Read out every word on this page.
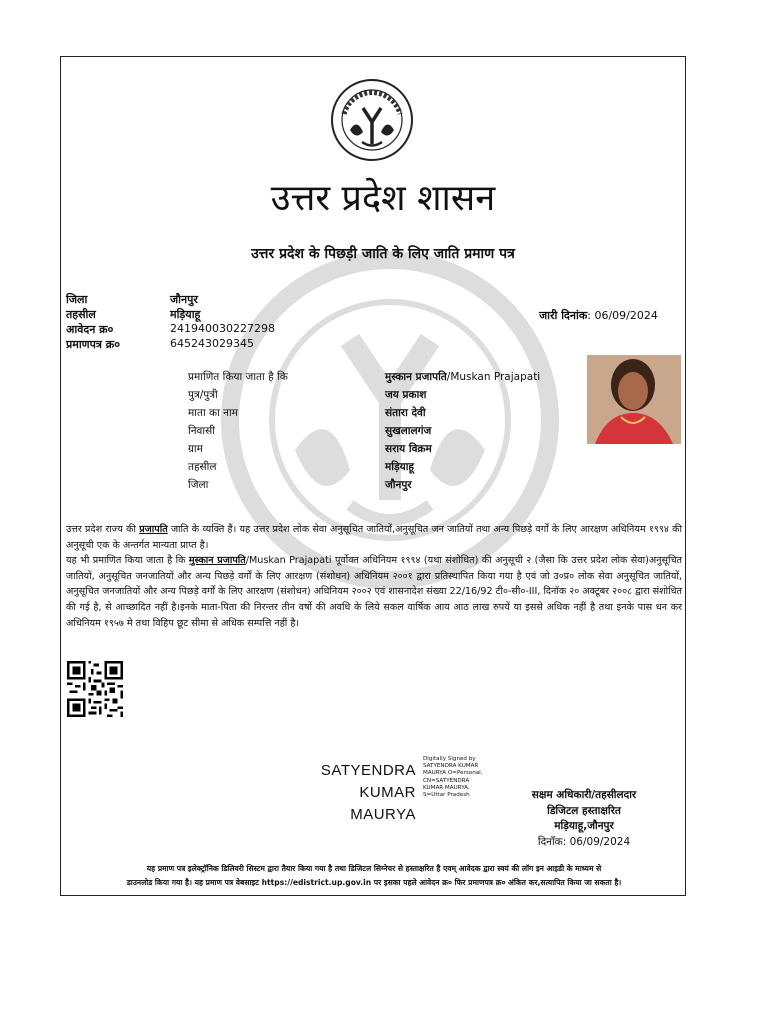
उत्तर प्रदेश शासन
उत्तर प्रदेश के पिछड़ी जाति के लिए जाति प्रमाण पत्र
जिला	जौनपुर
तहसील	मड़ियाहू
आवेदन क्र०	241940030227298
प्रमाणपत्र क्र०	645243029345
जारी दिनांक: 06/09/2024
प्रमाणित किया जाता है कि	मुस्कान प्रजापति/Muskan Prajapati
पुत्र/पुत्री	जय प्रकाश
माता का नाम	संतारा देवी
निवासी	सुखलालगंज
ग्राम	सराय विक्रम
तहसील	मड़ियाहू
जिला	जौनपुर
उत्तर प्रदेश राज्य की प्रजापति जाति के व्यक्ति हैं। यह उत्तर प्रदेश लोक सेवा अनुसूचित जातियों,अनुसूचित जन जातियों तथा अन्य पिछड़े वर्गों के लिए आरक्षण अधिनियम १९९४ की अनुसूची एक के अन्तर्गत मान्यता प्राप्त है।
यह भी प्रमाणित किया जाता है कि मुस्कान प्रजापति/Muskan Prajapati पूर्वोक्त अधिनियम १९९४ (यथा संशोधित) की अनुसूची २ (जैसा कि उत्तर प्रदेश लोक सेवा)अनुसूचित जातियों, अनुसूचित जनजातियों और अन्य पिछड़े वर्गों के लिए आरक्षण (संशोधन) अधिनियम २००१ द्वारा प्रतिस्थापित किया गया है एवं जो उ०प्र० लोक सेवा अनुसूचित जातियों, अनुसूचित जनजातियों और अन्य पिछड़े वर्गों के लिए आरक्षण (संशोधन) अधिनियम २००२ एवं शासनादेश संख्या 22/16/92 टी०-सी०-III, दिनॉक २० अक्टूबर २००८ द्वारा संशोधित की गई है, से आच्छादित नहीं है।इनके माता-पिता की निरन्तर तीन वर्षो की अवधि के लिये सकल वार्षिक आय आठ लाख रुपयें या इससे अधिक नहीं है तथा इनके पास धन कर अधिनियम १९५७ मे तथा विहिप छूट सीमा से अधिक सम्पत्ति नहीं है।
SATYENDRA
KUMAR
MAURYA
Digitally Signed by
SATYENDRA KUMAR
MAURYA O=Personal,
CN=SATYENDRA
KUMAR MAURYA,
S=Uttar Pradesh	सक्षम अधिकारी/तहसीलदार
डिजिटल हस्ताक्षरित
मड़ियाहू,जौनपुर
दिनाँक: 06/09/2024
यह प्रमाण पत्र इलेक्ट्रॉनिक डिलिवरी सिस्टम द्वारा तैयार किया गया है तथा डिजिटल सिग्नेचर से हस्ताक्षरित है एवम् आवेदक द्वारा स्वयं की लॉग इन आइडी के माध्यम से
डाउनलोड किया गया है। यह प्रमाण पत्र वेबसाइट https://edistrict.up.gov.in पर इसका पहले आवेदन क्र० फिर प्रमाणपत्र क्र० अंकित कर,सत्यापित किया जा सकता है।
